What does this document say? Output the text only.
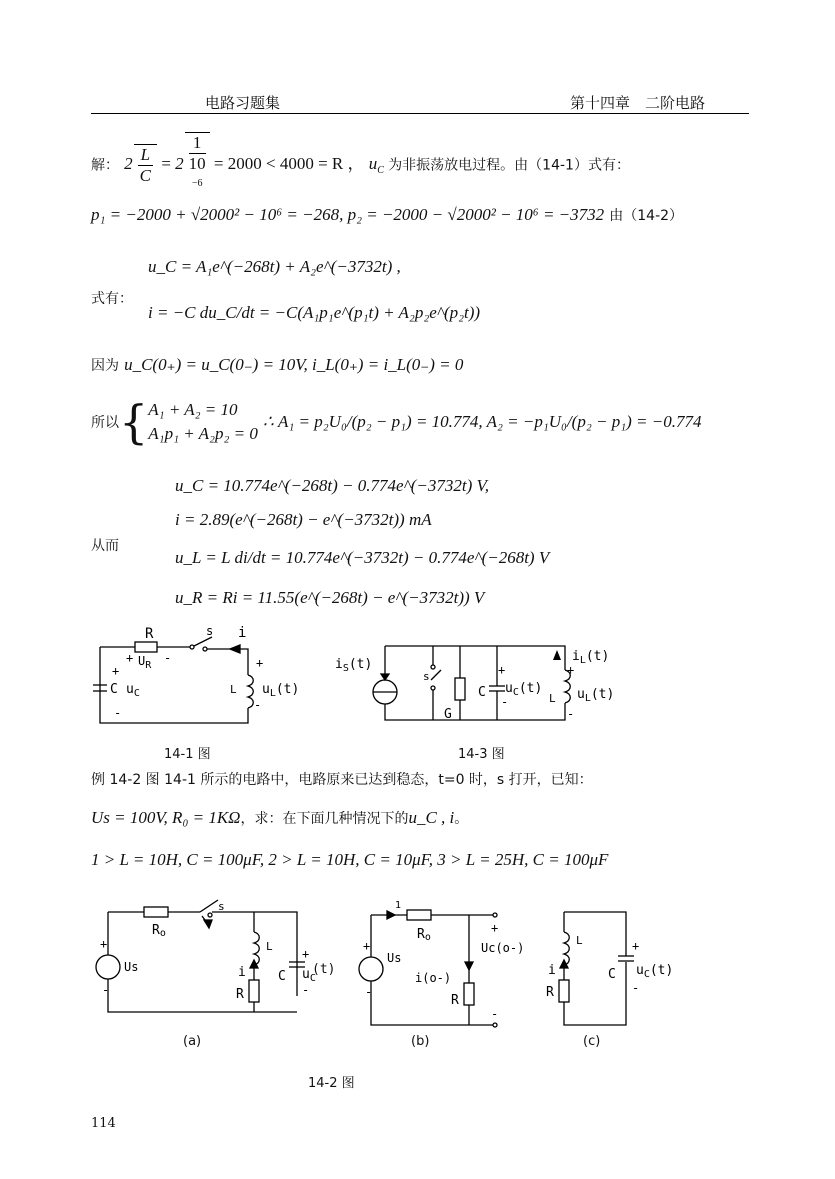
电路习题集	第十四章　二阶电路
解： $2 \frac{L}{C} = 2$ 1
10
$^{-6}$ = 2000 < 4000 = R ， $u_C$ 为非振荡放电过程。由（14-1）式有：
p₁ = −2000 + √2000² − 10⁶ = −268, p₂ = −2000 − √2000² − 10⁶ = −3732 由（14-2）
式有：
u_C = A₁e^(−268t) + A₂e^(−3732t) ,
i = −C du_C/dt = −C(A₁p₁e^(p₁t) + A₂p₂e^(p₂t))
因为 u_C(0₊) = u_C(0₋) = 10V, i_L(0₊) = i_L(0₋) = 0
所以{ A₁ + A₂ = 10
A₁p₁ + A₂p₂ = 0
∴ A₁ = p₂U₀/(p₂ − p₁) = 10.774, A₂ = −p₁U₀/(p₂ − p₁) = −0.774
从而
u_C = 10.774e^(−268t) − 0.774e^(−3732t) V,
i = 2.89(e^(−268t) − e^(−3732t)) mA
u_L = L di/dt = 10.774e^(−3732t) − 0.774e^(−268t) V
u_R = Ri = 11.55(e^(−268t) − e^(−3732t)) V
R	s i
+ $U_R$
-
+
C $u_C$
-
L
+
$u_L(t)$
-
14-1 图
$i_S(t)$
s
G
+
C $u_C(t)$
-
$i_L(t)$
+
L $u_L(t)$
-
14-3 图
例 14-2 图 14-1 所示的电路中，电路原来已达到稳态，t=0 时，s 打开，已知：
Us = 100V, R₀ = 1KΩ，求：在下面几种情况下的u_C , i。
1 > L = 10H, C = 100μF, 2 > L = 10H, C = 10μF, 3 > L = 25H, C = 100μF
+
Us
-
Ro
s
L
i
R
C
+
$u_C$
-
(t)
(a)
1
+
Us
-
Ro
+
Uc(o-)
i(o-)
R
-
(b)
L
i
R
C
+
$u_C(t)$
-
(c)
14-2 图
114
